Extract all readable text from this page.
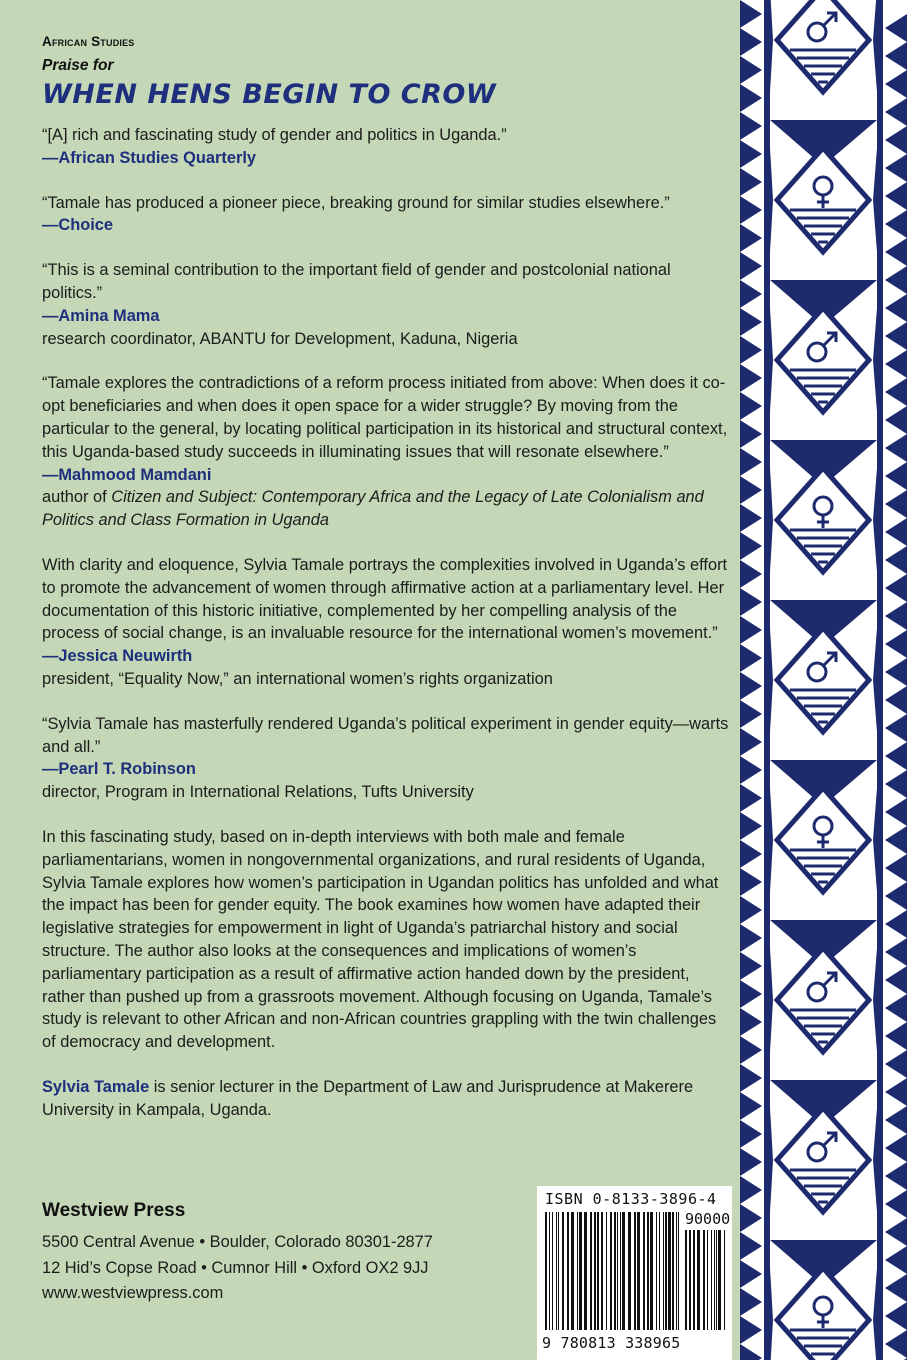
African Studies
Praise for
WHEN HENS BEGIN TO CROW

“[A] rich and fascinating study of gender and politics in Uganda.”

—African Studies Quarterly

“Tamale has produced a pioneer piece, breaking ground for similar studies elsewhere.”

—Choice

“This is a seminal contribution to the important field of gender and postcolonial national politics.”

—Amina Mama
research coordinator, ABANTU for Development, Kaduna, Nigeria

“Tamale explores the contradictions of a reform process initiated from above: When does it co-opt beneficiaries and when does it open space for a wider struggle? By moving from the particular to the general, by locating political participation in its historical and structural context, this Uganda-based study succeeds in illuminating issues that will resonate elsewhere.”

—Mahmood Mamdani
author of Citizen and Subject: Contemporary Africa and the Legacy of Late Colonialism and Politics and Class Formation in Uganda

With clarity and eloquence, Sylvia Tamale portrays the complexities involved in Uganda’s effort to promote the advancement of women through affirmative action at a parliamentary level. Her documentation of this historic initiative, complemented by her compelling analysis of the process of social change, is an invaluable resource for the international women’s movement.”

—Jessica Neuwirth
president, “Equality Now,” an international women’s rights organization

“Sylvia Tamale has masterfully rendered Uganda’s political experiment in gender equity—warts and all.”

—Pearl T. Robinson
director, Program in International Relations, Tufts University

In this fascinating study, based on in-depth interviews with both male and female parliamentarians, women in nongovernmental organizations, and rural residents of Uganda, Sylvia Tamale explores how women’s participation in Ugandan politics has unfolded and what the impact has been for gender equity. The book examines how women have adapted their legislative strategies for empowerment in light of Uganda’s patriarchal history and social structure. The author also looks at the consequences and implications of women’s parliamentary participation as a result of affirmative action handed down by the president, rather than pushed up from a grassroots movement. Although focusing on Uganda, Tamale’s study is relevant to other African and non-African countries grappling with the twin challenges of democracy and development.

Sylvia Tamale is senior lecturer in the Department of Law and Jurisprudence at Makerere University in Kampala, Uganda.

Westview Press
5500 Central Avenue • Boulder, Colorado 80301-2877
12 Hid’s Copse Road • Cumnor Hill • Oxford OX2 9JJ
www.westviewpress.com
ISBN 0-8133-3896-4
90000
9 780813 338965
